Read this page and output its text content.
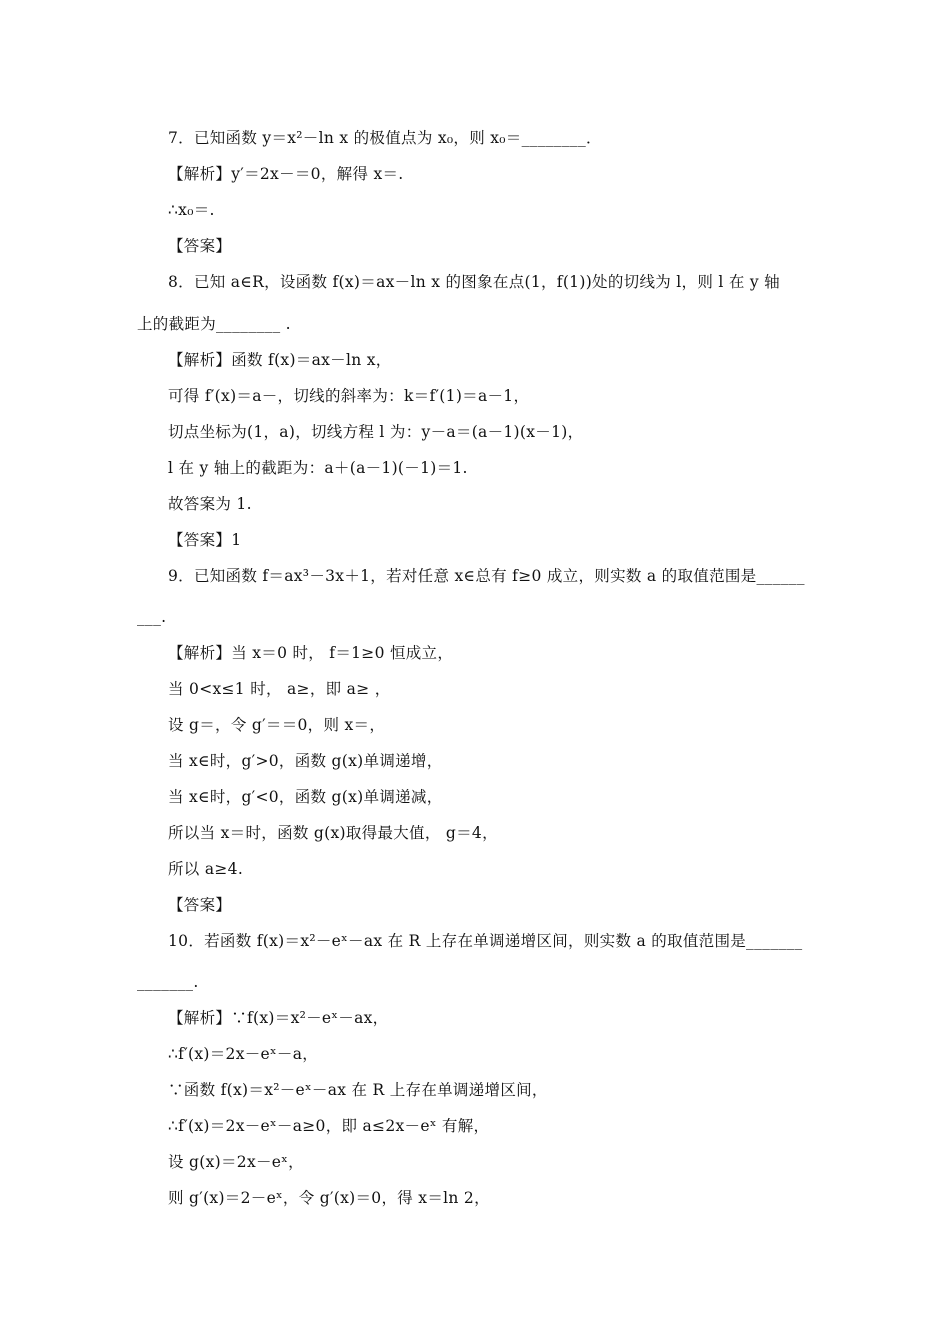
7．已知函数 y＝x²－ln x 的极值点为 x₀，则 x₀＝________．
【解析】y′＝2x－＝0，解得 x＝.
∴x₀＝.
【答案】
8．已知 a∈R，设函数 f(x)＝ax－ln x 的图象在点(1，f(1))处的切线为 l，则 l 在 y 轴
上的截距为________ .
【解析】函数 f(x)＝ax－ln x，
可得 f′(x)＝a－，切线的斜率为：k＝f′(1)＝a－1，
切点坐标为(1，a)，切线方程 l 为：y－a＝(a－1)(x－1)，
l 在 y 轴上的截距为：a＋(a－1)(－1)＝1.
故答案为 1.
【答案】1
9．已知函数 f＝ax³－3x＋1，若对任意 x∈总有 f≥0 成立，则实数 a 的取值范围是______
___.
【解析】当 x＝0 时， f＝1≥0 恒成立，
当 0<x≤1 时， a≥，即 a≥ ，
设 g＝，令 g′＝＝0，则 x＝，
当 x∈时，g′>0，函数 g(x)单调递增，
当 x∈时，g′<0，函数 g(x)单调递减，
所以当 x＝时，函数 g(x)取得最大值， g＝4，
所以 a≥4.
【答案】
10．若函数 f(x)＝x²－eˣ－ax 在 R 上存在单调递增区间，则实数 a 的取值范围是_______
_______.
【解析】∵f(x)＝x²－eˣ－ax，
∴f′(x)＝2x－eˣ－a，
∵函数 f(x)＝x²－eˣ－ax 在 R 上存在单调递增区间，
∴f′(x)＝2x－eˣ－a≥0，即 a≤2x－eˣ 有解，
设 g(x)＝2x－eˣ，
则 g′(x)＝2－eˣ，令 g′(x)＝0，得 x＝ln 2，
